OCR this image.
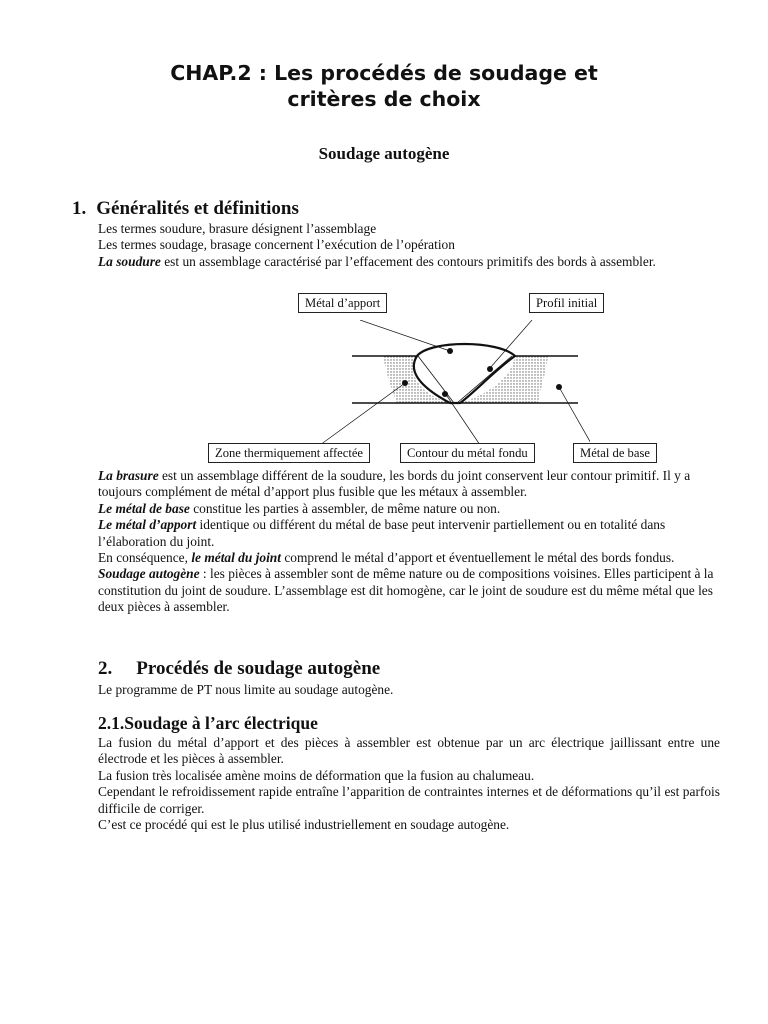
CHAP.2 : Les procédés de soudage et
critères de choix
Soudage autogène
1. Généralités et définitions

Les termes soudure, brasure désignent l’assemblage

Les termes soudage, brasage concernent l’exécution de l’opération

La soudure est un assemblage caractérisé par l’effacement des contours primitifs des bords à assembler.

Métal d’apport	Profil initial
Zone thermiquement affectée	Contour du métal fondu	Métal de base

La brasure est un assemblage différent de la soudure, les bords du joint conservent leur contour primitif. Il y a toujours complément de métal d’apport plus fusible que les métaux à assembler.

Le métal de base constitue les parties à assembler, de même nature ou non.

Le métal d’apport identique ou différent du métal de base peut intervenir partiellement ou en totalité dans l’élaboration du joint.

En conséquence, le métal du joint comprend le métal d’apport et éventuellement le métal des bords fondus.

Soudage autogène : les pièces à assembler sont de même nature ou de compositions voisines. Elles participent à la constitution du joint de soudure. L’assemblage est dit homogène, car le joint de soudure est du même métal que les deux pièces à assembler.

2. Procédés de soudage autogène

Le programme de PT nous limite au soudage autogène.

2.1.Soudage à l’arc électrique

La fusion du métal d’apport et des pièces à assembler est obtenue par un arc électrique jaillissant entre une électrode et les pièces à assembler.

La fusion très localisée amène moins de déformation que la fusion au chalumeau.

Cependant le refroidissement rapide entraîne l’apparition de contraintes internes et de déformations qu’il est parfois difficile de corriger.

C’est ce procédé qui est le plus utilisé industriellement en soudage autogène.
